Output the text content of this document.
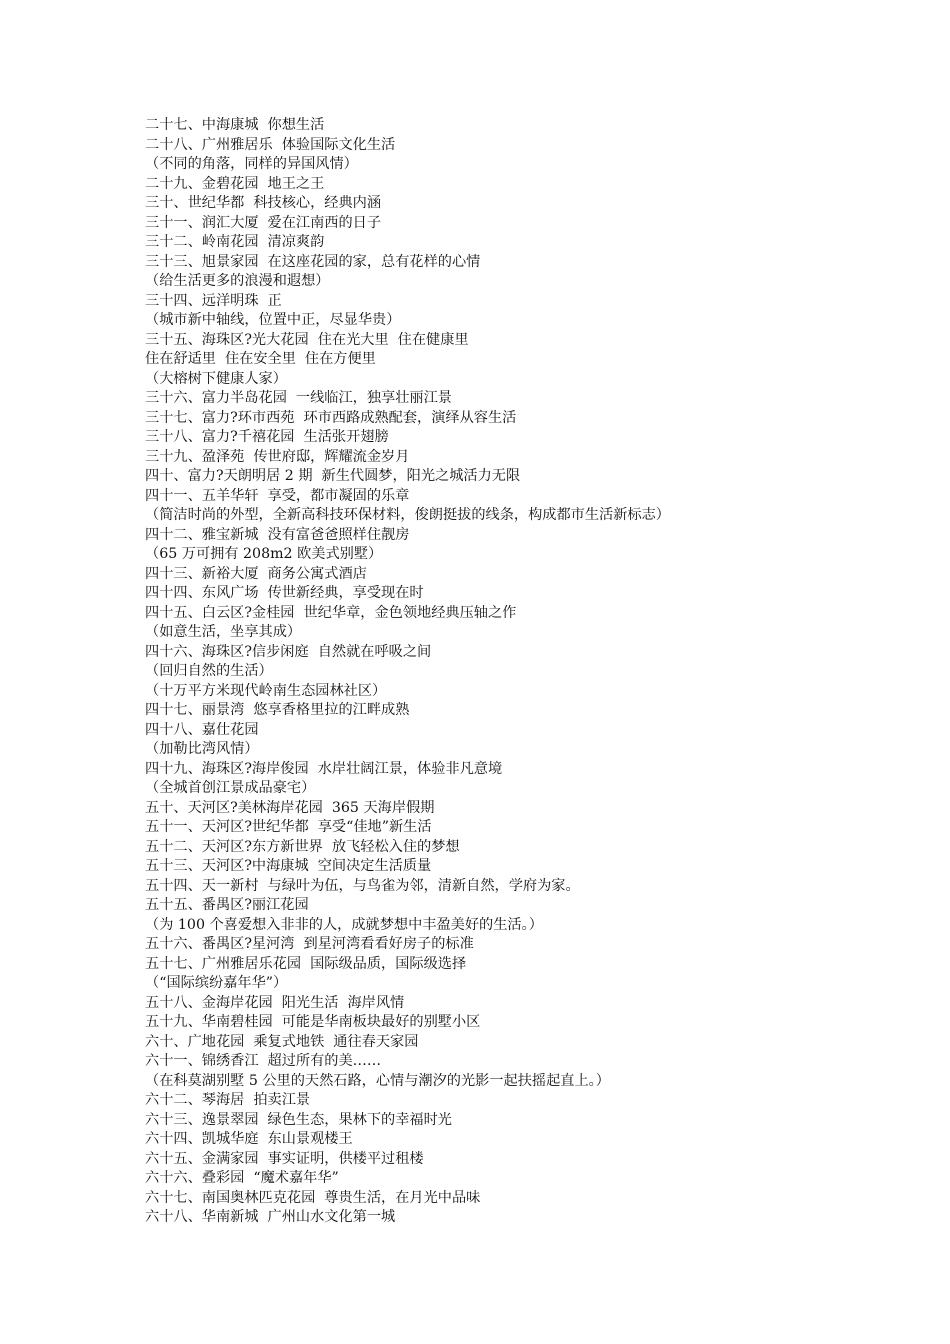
二十七、中海康城  你想生活
二十八、广州雅居乐  体验国际文化生活
（不同的角落，同样的异国风情）
二十九、金碧花园  地王之王
三十、世纪华都  科技核心，经典内涵
三十一、润汇大厦  爱在江南西的日子
三十二、岭南花园  清凉爽韵
三十三、旭景家园  在这座花园的家，总有花样的心情
（给生活更多的浪漫和遐想）
三十四、远洋明珠  正
（城市新中轴线，位置中正，尽显华贵）
三十五、海珠区?光大花园  住在光大里  住在健康里
住在舒适里  住在安全里  住在方便里
（大榕树下健康人家）
三十六、富力半岛花园  一线临江，独享壮丽江景
三十七、富力?环市西苑  环市西路成熟配套，演绎从容生活
三十八、富力?千禧花园  生活张开翅膀
三十九、盈泽苑  传世府邸，辉耀流金岁月
四十、富力?天朗明居 2 期  新生代圆梦，阳光之城活力无限
四十一、五羊华轩  享受，都市凝固的乐章
（简洁时尚的外型，全新高科技环保材料，俊朗挺拔的线条，构成都市生活新标志）
四十二、雅宝新城  没有富爸爸照样住靓房
（65 万可拥有 208m2 欧美式别墅）
四十三、新裕大厦  商务公寓式酒店
四十四、东风广场  传世新经典，享受现在时
四十五、白云区?金桂园  世纪华章，金色领地经典压轴之作
（如意生活，坐享其成）
四十六、海珠区?信步闲庭  自然就在呼吸之间
（回归自然的生活）
（十万平方米现代岭南生态园林社区）
四十七、丽景湾  悠享香格里拉的江畔成熟
四十八、嘉仕花园
（加勒比湾风情）
四十九、海珠区?海岸俊园  水岸壮阔江景，体验非凡意境
（全城首创江景成品豪宅）
五十、天河区?美林海岸花园  365 天海岸假期
五十一、天河区?世纪华都  享受“佳地”新生活
五十二、天河区?东方新世界  放飞轻松入住的梦想
五十三、天河区?中海康城  空间决定生活质量
五十四、天一新村  与绿叶为伍，与鸟雀为邻，清新自然，学府为家。
五十五、番禺区?丽江花园
（为 100 个喜爱想入非非的人，成就梦想中丰盈美好的生活。）
五十六、番禺区?星河湾  到星河湾看看好房子的标准
五十七、广州雅居乐花园  国际级品质，国际级选择
（“国际缤纷嘉年华”）
五十八、金海岸花园  阳光生活  海岸风情
五十九、华南碧桂园  可能是华南板块最好的别墅小区
六十、广地花园  乘复式地铁  通往春天家园
六十一、锦绣香江  超过所有的美……
（在科莫湖别墅 5 公里的天然石路，心情与潮汐的光影一起扶摇起直上。）
六十二、琴海居  拍卖江景
六十三、逸景翠园  绿色生态，果林下的幸福时光
六十四、凯城华庭  东山景观楼王
六十五、金满家园  事实证明，供楼平过租楼
六十六、叠彩园  “魔术嘉年华”
六十七、南国奥林匹克花园  尊贵生活，在月光中品味
六十八、华南新城  广州山水文化第一城
